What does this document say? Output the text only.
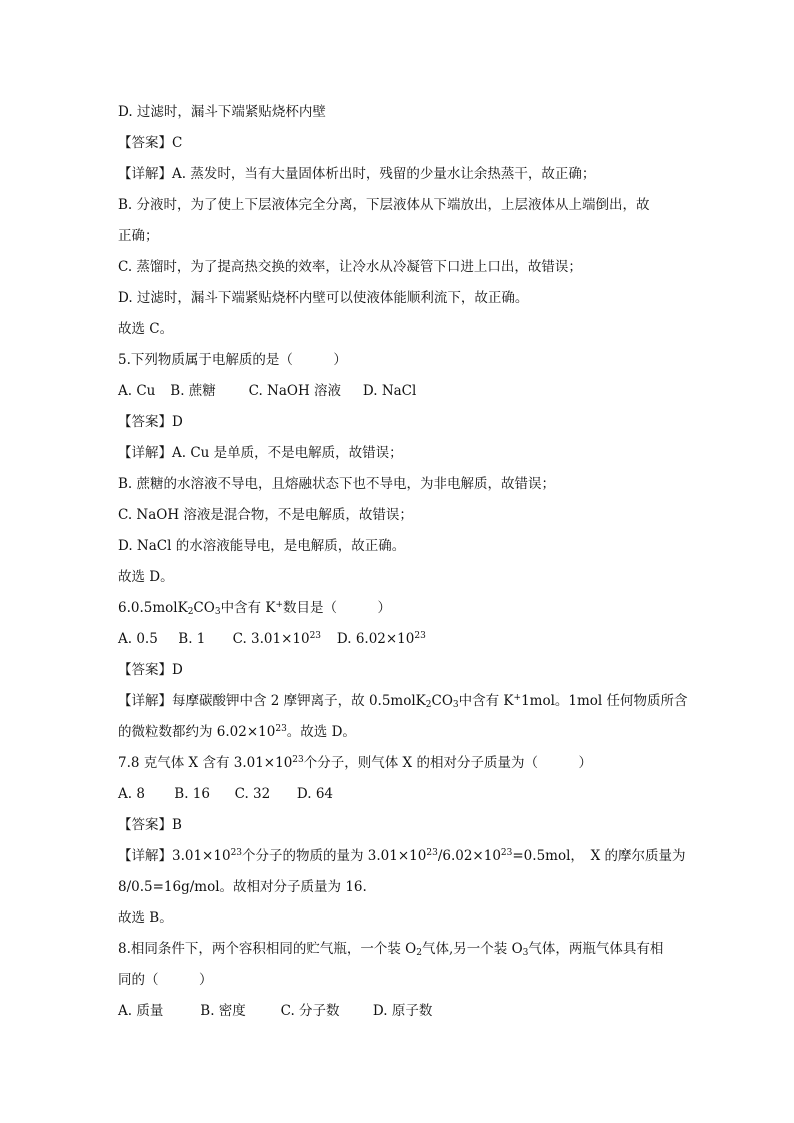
D. 过滤时，漏斗下端紧贴烧杯内壁
【答案】C
【详解】A. 蒸发时，当有大量固体析出时，残留的少量水让余热蒸干，故正确；
B. 分液时，为了使上下层液体完全分离，下层液体从下端放出，上层液体从上端倒出，故
正确；
C. 蒸馏时，为了提高热交换的效率，让冷水从冷凝管下口进上口出，故错误；
D. 过滤时，漏斗下端紧贴烧杯内壁可以使液体能顺利流下，故正确。
故选 C。
5.下列物质属于电解质的是（　　　）
A. Cu B. 蔗糖 C. NaOH 溶液 D. NaCl
【答案】D
【详解】A. Cu 是单质，不是电解质，故错误；
B. 蔗糖的水溶液不导电，且熔融状态下也不导电，为非电解质，故错误；
C. NaOH 溶液是混合物，不是电解质，故错误；
D. NaCl 的水溶液能导电，是电解质，故正确。
故选 D。
$6.0.5molK_2CO_3$中含有 K+数目是（　　　）
A. 0.5 B. 1 C. $3.01\times 10^{23}$ D. $6.02\times 10^{23}$
【答案】D
【详解】每摩碳酸钾中含 2 摩钾离子，故 $0.5molK_2CO_3$中含有 K+1mol。1mol 任何物质所含
的微粒数都约为 $6.02\times 10^{23}$。故选 D。
7.8 克气体 X 含有 $3.01\times 10^{23}$个分子，则气体 X 的相对分子质量为（　　　）
A. 8 B. 16 C. 32 D. 64
【答案】B
【详解】$3.01\times 10^{23}$个分子的物质的量为 $3.01\times 10^{23}/6.02\times 10^{23}=0.5mol$，　X 的摩尔质量为
8/0.5=16g/mol。故相对分子质量为 16.
故选 B。
8.相同条件下，两个容积相同的贮气瓶，一个装 $O_2$气体,另一个装 $O_3$气体，两瓶气体具有相
同的（　　　）
A. 质量	B. 密度	C. 分子数 D. 原子数
